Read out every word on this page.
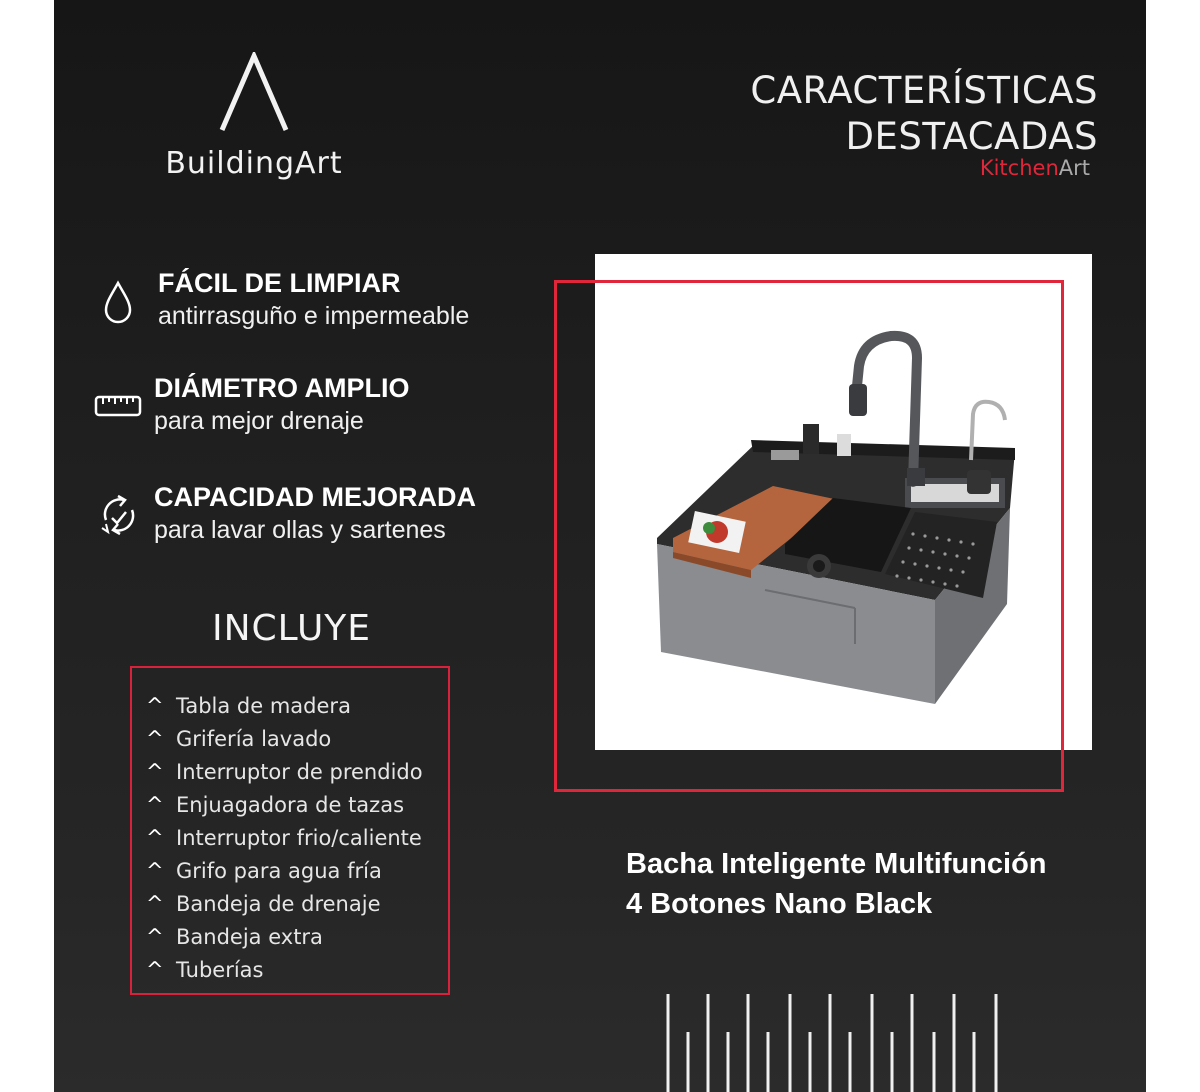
BuildingArt
CARACTERÍSTICAS
DESTACADAS
KitchenArt
FÁCIL DE LIMPIAR
antirrasguño e impermeable
DIÁMETRO AMPLIO
para mejor drenaje
CAPACIDAD MEJORADA
para lavar ollas y sartenes
INCLUYE
^ Tabla de madera
^ Grifería lavado
^ Interruptor de prendido
^ Enjuagadora de tazas
^ Interruptor frio/caliente
^ Grifo para agua fría
^ Bandeja de drenaje
^ Bandeja extra
^ Tuberías
Bacha Inteligente Multifunción
4 Botones Nano Black
